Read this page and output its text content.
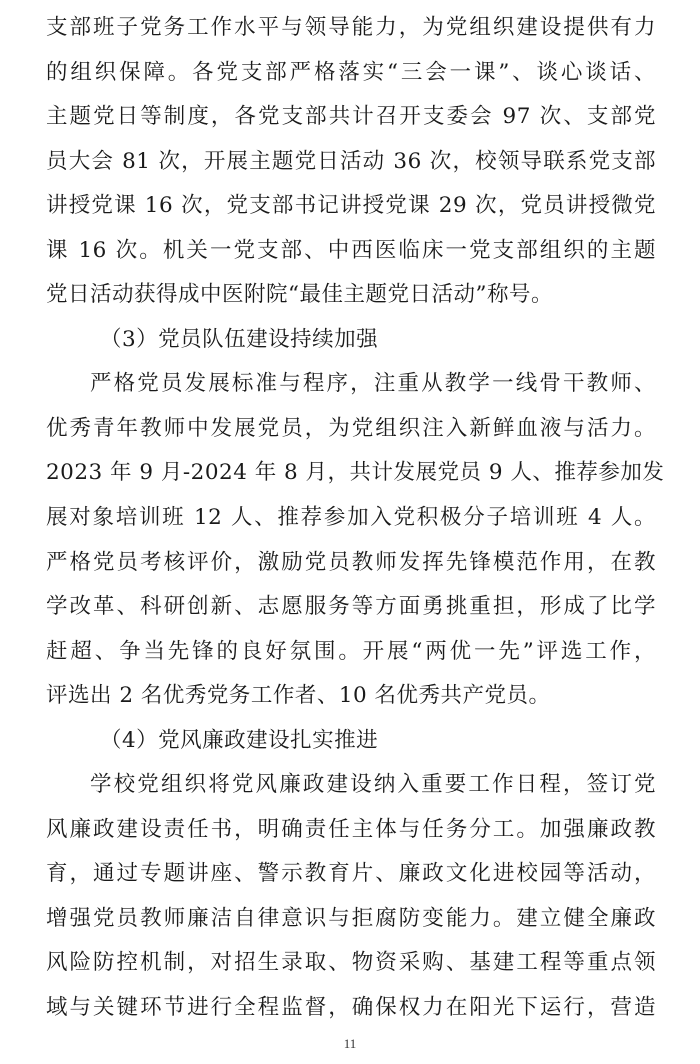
支部班子党务工作水平与领导能力，为党组织建设提供有力
的组织保障。各党支部严格落实“三会一课”、谈心谈话、
主题党日等制度，各党支部共计召开支委会 97 次、支部党
员大会 81 次，开展主题党日活动 36 次，校领导联系党支部
讲授党课 16 次，党支部书记讲授党课 29 次，党员讲授微党
课 16 次。机关一党支部、中西医临床一党支部组织的主题
党日活动获得成中医附院“最佳主题党日活动”称号。
（3）党员队伍建设持续加强
严格党员发展标准与程序，注重从教学一线骨干教师、
优秀青年教师中发展党员，为党组织注入新鲜血液与活力。
2023 年 9 月-2024 年 8 月，共计发展党员 9 人、推荐参加发
展对象培训班 12 人、推荐参加入党积极分子培训班 4 人。
严格党员考核评价，激励党员教师发挥先锋模范作用，在教
学改革、科研创新、志愿服务等方面勇挑重担，形成了比学
赶超、争当先锋的良好氛围。开展“两优一先”评选工作，
评选出 2 名优秀党务工作者、10 名优秀共产党员。
（4）党风廉政建设扎实推进
学校党组织将党风廉政建设纳入重要工作日程，签订党
风廉政建设责任书，明确责任主体与任务分工。加强廉政教
育，通过专题讲座、警示教育片、廉政文化进校园等活动，
增强党员教师廉洁自律意识与拒腐防变能力。建立健全廉政
风险防控机制，对招生录取、物资采购、基建工程等重点领
域与关键环节进行全程监督，确保权力在阳光下运行，营造
11
